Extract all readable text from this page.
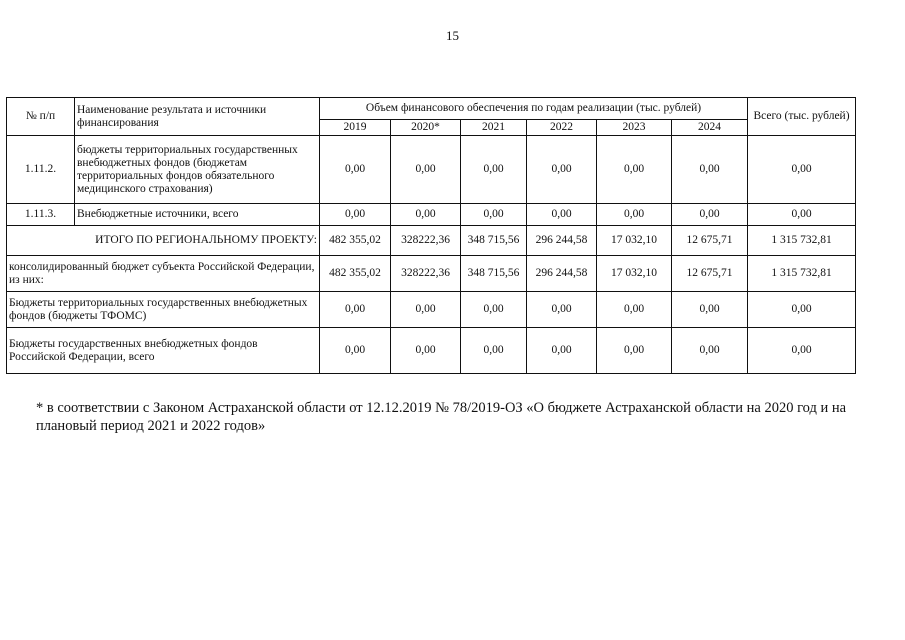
15
№ п/п	Наименование результата и источники финансирования	Объем финансового обеспечения по годам реализации (тыс. рублей)						Всего (тыс. рублей)
		2019	2020*	2021	2022	2023	2024	
1.11.2.	бюджеты территориальных государственных внебюджетных фондов (бюджетам территориальных фондов обязательного медицинского страхования)	0,00	0,00	0,00	0,00	0,00	0,00	0,00
1.11.3.	Внебюджетные источники, всего	0,00	0,00	0,00	0,00	0,00	0,00	0,00
ИТОГО ПО РЕГИОНАЛЬНОМУ ПРОЕКТУ:		482 355,02	328222,36	348 715,56	296 244,58	17 032,10	12 675,71	1 315 732,81
консолидированный бюджет субъекта Российской Федерации, из них:		482 355,02	328222,36	348 715,56	296 244,58	17 032,10	12 675,71	1 315 732,81
Бюджеты территориальных государственных внебюджетных фондов (бюджеты ТФОМС)		0,00	0,00	0,00	0,00	0,00	0,00	0,00
Бюджеты государственных внебюджетных фондов Российской Федерации, всего		0,00	0,00	0,00	0,00	0,00	0,00	0,00
* в соответствии с Законом Астраханской области от 12.12.2019 № 78/2019-ОЗ «О бюджете Астраханской области на 2020 год и на плановый период 2021 и 2022 годов»
